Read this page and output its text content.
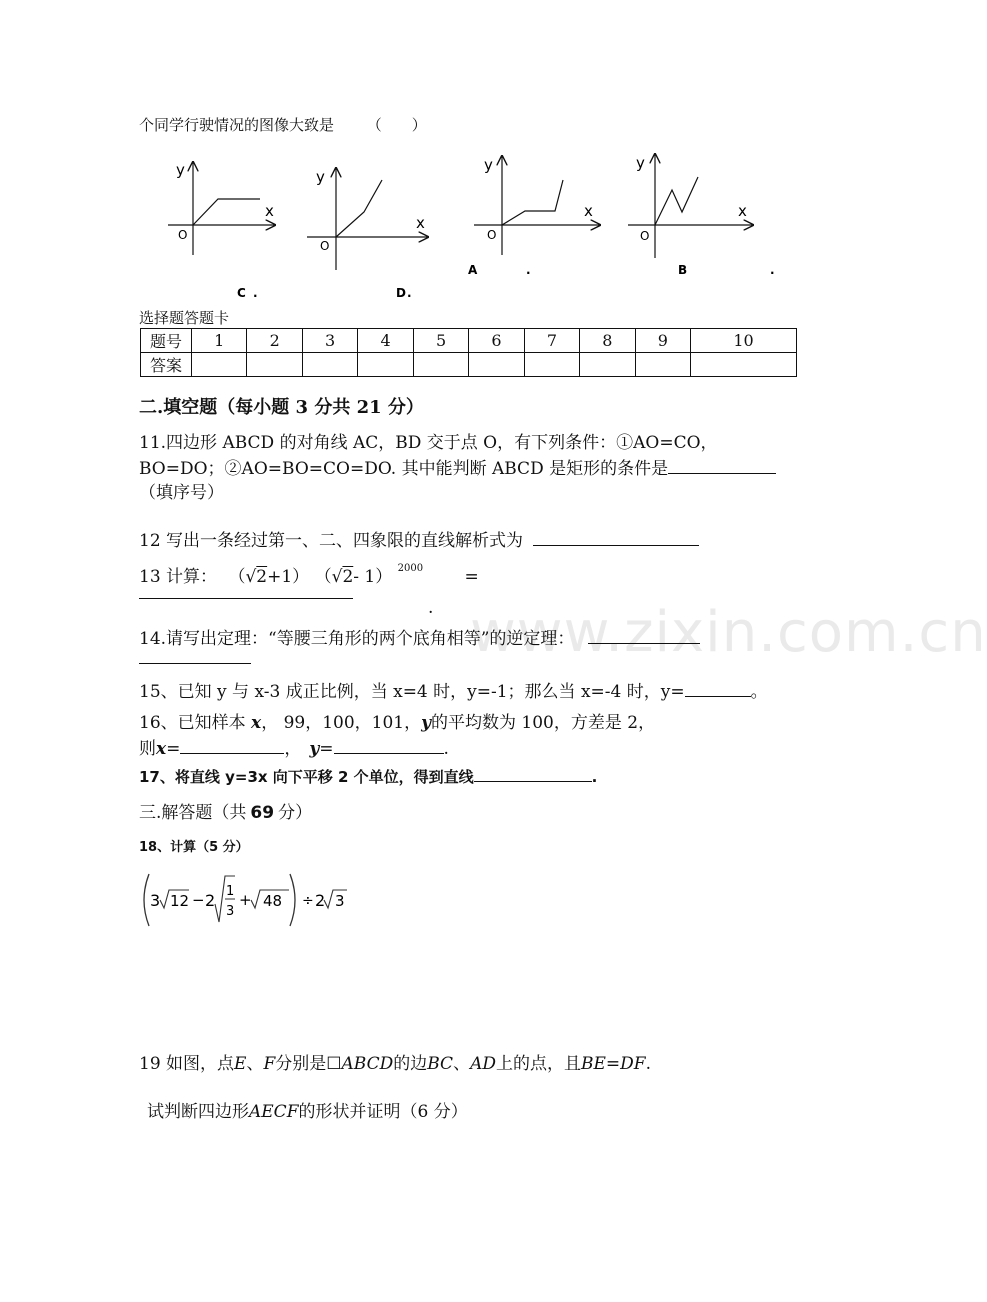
个同学行驶情况的图像大致是 （　　）
y
x
O
y
x
O
y
x
O
y
x
O
A	.	B	.
C .	D .
选择题答题卡
题号	1	2	3	4	5	6	7	8	9	10
答案										
www.zixin.com.cn
二.填空题（每小题 3 分共 21 分）
11.四边形 ABCD 的对角线 AC，BD 交于点 O，有下列条件：①AO=CO，
BO=DO；②AO=BO=CO=DO. 其中能判断 ABCD 是矩形的条件是
（填序号）
12 写出一条经过第一、二、四象限的直线解析式为
13 计算： （√2+1） （√2- 1） $^{2000}$ =
.
14.请写出定理：“等腰三角形的两个底角相等”的逆定理：
15、已知 y 与 x-3 成正比例，当 x=4 时，y=-1；那么当 x=-4 时，y=	。
16、已知样本 x， 99，100，101，y的平均数为 100，方差是 2，
则x=	， y=	.
17、将直线 y=3x 向下平移 2 个单位，得到直线	.
三.解答题（共 69 分）
18、计算（5 分）
3 12 − 2 1
3
+ 48 ÷ 2 3
19 如图，点E、F分别是☐ABCD的边BC、AD上的点，且BE=DF.
试判断四边形AECF的形状并证明（6 分）
